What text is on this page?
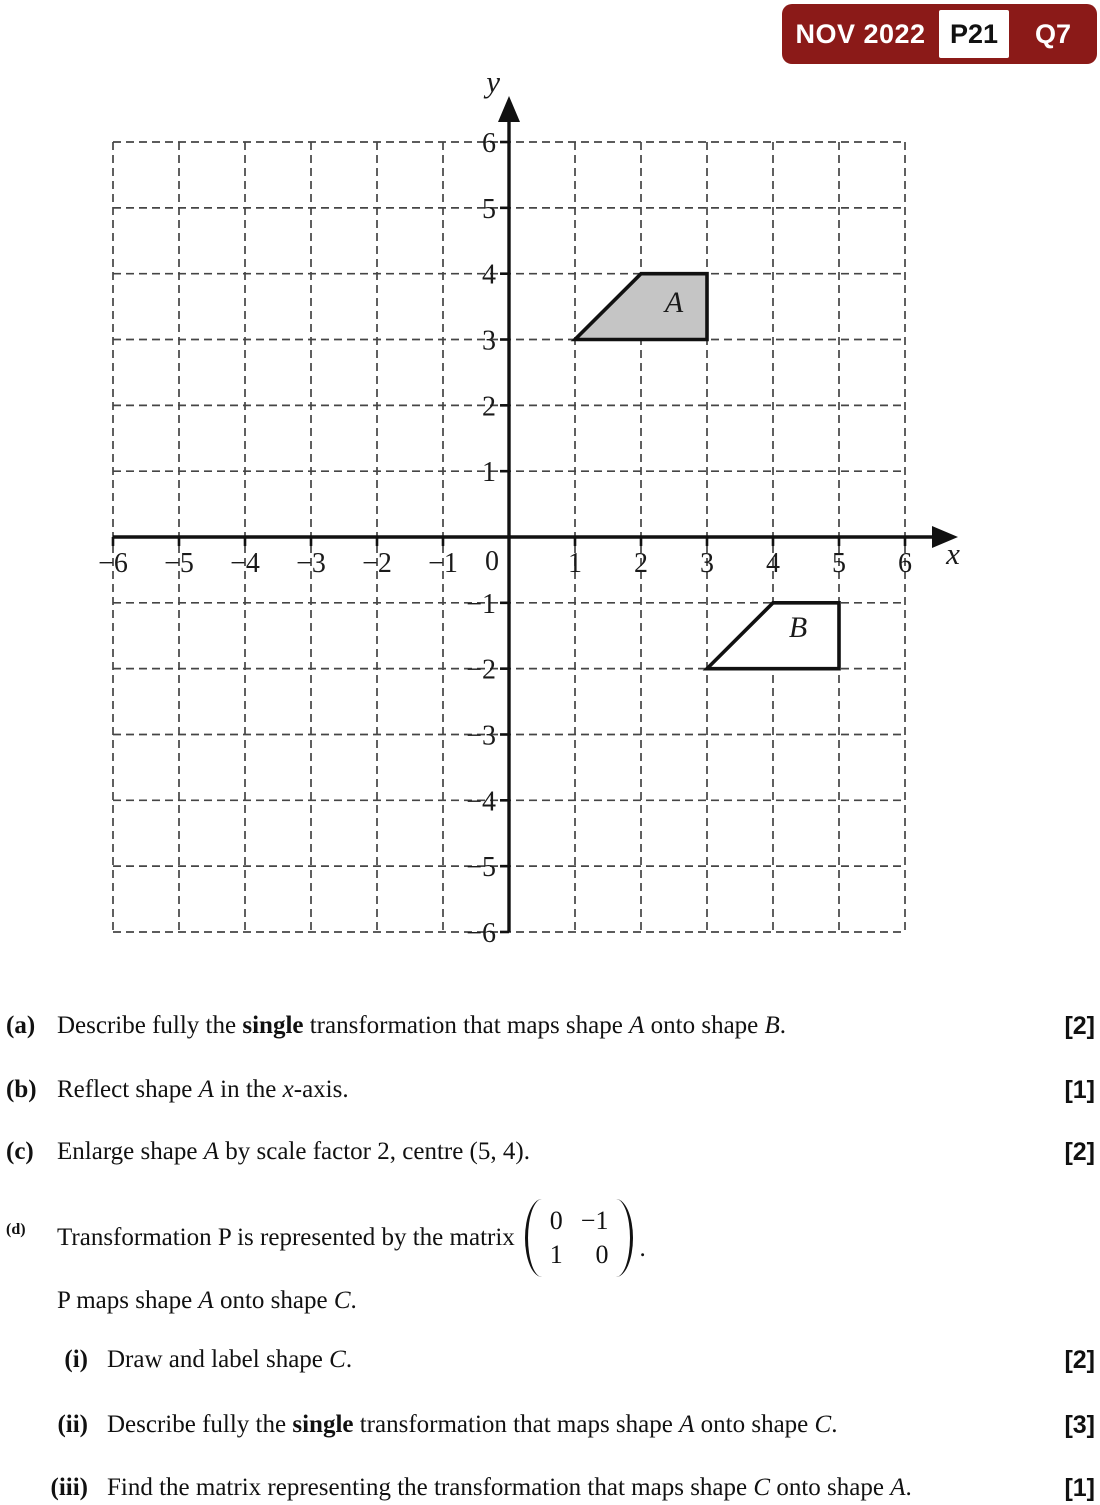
NOV 2022 P21	Q7
A
B
−6 −5 −4 −3 −2 −1 0 1 2 3 4 5 6
6
5
4
3
2
1
−1
−2
−3
−4
−5
−6
x
y
(a) Describe fully the single transformation that maps shape A onto shape B.	[2]
(b) Reflect shape A in the x-axis.	[1]
(c) Enlarge shape A by scale factor 2, centre (5, 4).	[2]
(d) Transformation P is represented by the matrix
0 −1
1 0 .
P maps shape A onto shape C.
(i) Draw and label shape C.	[2]
(ii) Describe fully the single transformation that maps shape A onto shape C.	[3]
(iii) Find the matrix representing the transformation that maps shape C onto shape A.	[1]
